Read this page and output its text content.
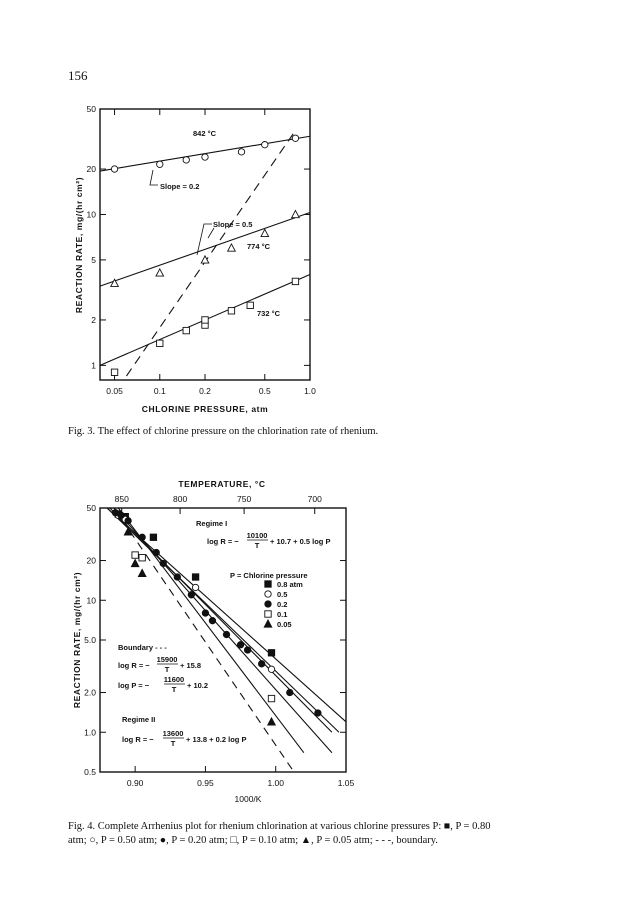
156
842 °C
Slope = 0.2
Slope = 0.5
774 °C
732 °C
CHLORINE PRESSURE, atm
REACTION RATE, mg/(hr cm²)
0.05	0.1	0.2	0.5	1.0
50
20
10
5
2
1
Fig. 3. The effect of chlorine pressure on the chlorination rate of rhenium.
TEMPERATURE, °C
1000/K
REACTION RATE, mg/(hr cm²)
Regime I
log R = −
10100
T + 10.7 + 0.5 log P
P = Chlorine pressure
0.8 atm
0.5
0.2
0.1
0.05
Boundary - - -
log R = −
15900
T + 15.8
log P = −
11600
T + 10.2
Regime II
log R = −
13600
T + 13.8 + 0.2 log P
0.90	0.95	1.00	1.05
850	800	750	700
50
20
10
5.0
2.0
1.0
0.5
Fig. 4. Complete Arrhenius plot for rhenium chlorination at various chlorine pressures P: ■, P = 0.80
atm; ○, P = 0.50 atm; ●, P = 0.20 atm; □, P = 0.10 atm; ▲, P = 0.05 atm; - - -, boundary.
